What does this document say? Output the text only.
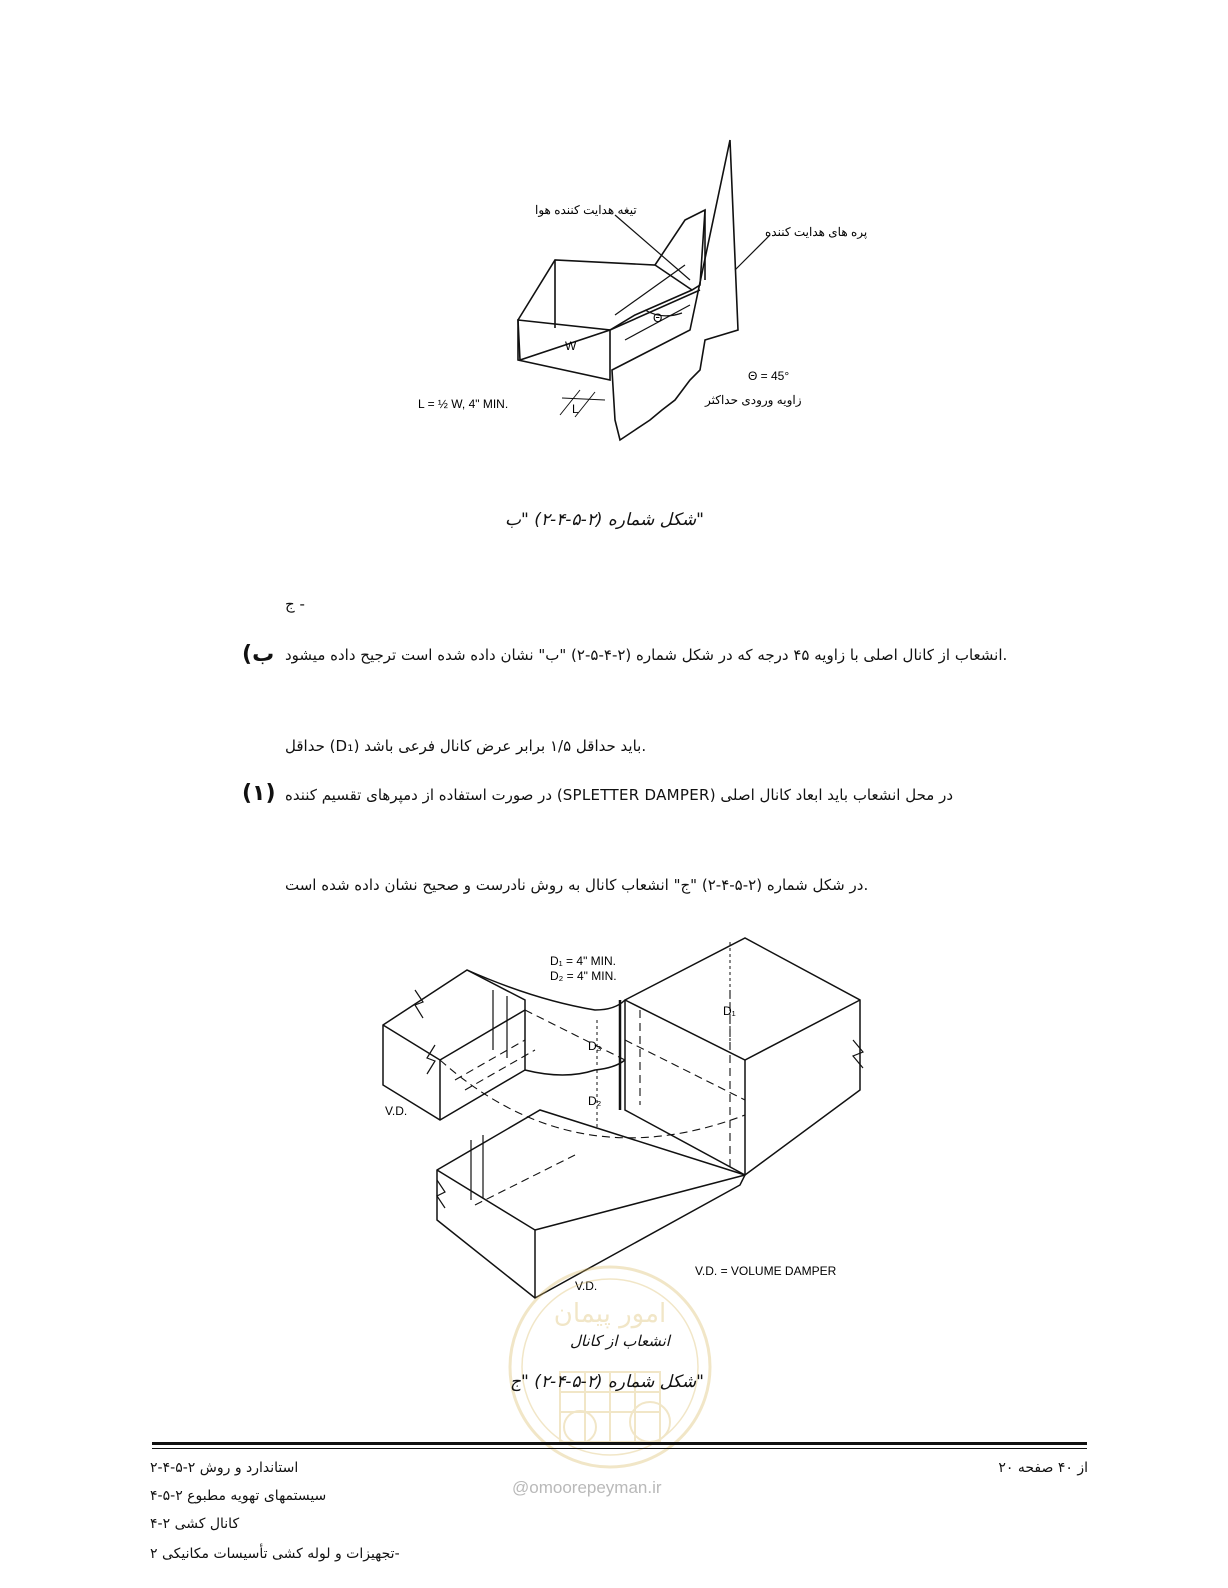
تیغه هدایت کننده هوا
پره های هدایت کننده
Θ = 45°
زاویه ورودی حداکثر
L = ½ W, 4" MIN.	L
W
Θ
شکل شماره (۲-۵-۴-۲) "ب"
ج -
(ب انشعاب از کانال اصلی با زاویه ۴۵ درجه که در شکل شماره (۲-۴-۵-۲) "ب" نشان داده شده است ترجیح داده میشود.
حداقل (D₁) باید حداقل ۱/۵ برابر عرض کانال فرعی باشد.
(۱) در صورت استفاده از دمپرهای تقسیم کننده (SPLETTER DAMPER) در محل انشعاب باید ابعاد کانال اصلی
در شکل شماره (۲-۵-۴-۲) "ج" انشعاب کانال به روش نادرست و صحیح نشان داده شده است.
D₁ = 4" MIN.
D₂ = 4" MIN.
D₁
D₃
D₂
V.D.
V.D.
V.D. = VOLUME DAMPER
امور پیمان
انشعاب از کانال
شکل شماره (۲-۵-۴-۲) "ج"
استاندارد و روش ۲-۵-۴-۲
سیستمهای تهویه مطبوع ۲-۵-۴
کانال کشی ۲-۴
تجهیزات و لوله کشی تأسیسات مکانیکی ۲-
۲۰ از ۴۰ صفحه
@omoorepeyman.ir
